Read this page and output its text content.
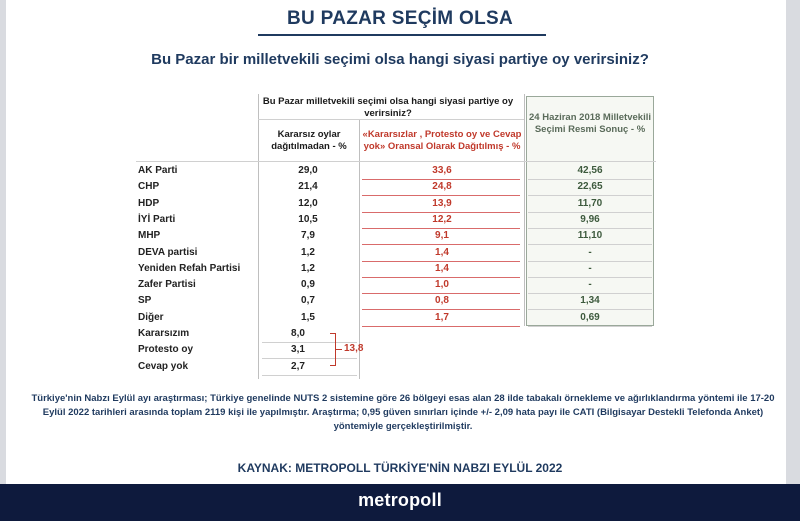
BU PAZAR SEÇİM OLSA
Bu Pazar bir milletvekili seçimi olsa hangi siyasi partiye oy verirsiniz?
Bu Pazar milletvekili seçimi olsa hangi siyasi partiye oy verirsiniz?
Kararsız oylar dağıtılmadan - %
«Kararsızlar , Protesto oy ve Cevap yok» Oransal Olarak Dağıtılmış - %
24 Haziran 2018 Milletvekili Seçimi Resmi Sonuç - %
AK Parti	29,0	33,6	42,56
CHP	21,4	24,8	22,65
HDP	12,0	13,9	11,70
İYİ Parti	10,5	12,2	9,96
MHP	7,9	9,1	11,10
DEVA partisi	1,2	1,4	-
Yeniden Refah Partisi	1,2	1,4	-
Zafer Partisi	0,9	1,0	-
SP	0,7	0,8	1,34
Diğer	1,5	1,7	0,69
Kararsızım	8,0
Protesto oy	3,1
Cevap yok	2,7
13,8
Türkiye'nin Nabzı Eylül ayı araştırması; Türkiye genelinde NUTS 2 sistemine göre 26 bölgeyi esas alan 28 ilde tabakalı örnekleme ve ağırlıklandırma yöntemi ile 17-20 Eylül 2022 tarihleri arasında toplam 2119 kişi ile yapılmıştır. Araştırma; 0,95 güven sınırları içinde +/- 2,09 hata payı ile CATI (Bilgisayar Destekli Telefonda Anket) yöntemiyle gerçekleştirilmiştir.
KAYNAK: METROPOLL TÜRKİYE'NİN NABZI EYLÜL 2022
metropoll
